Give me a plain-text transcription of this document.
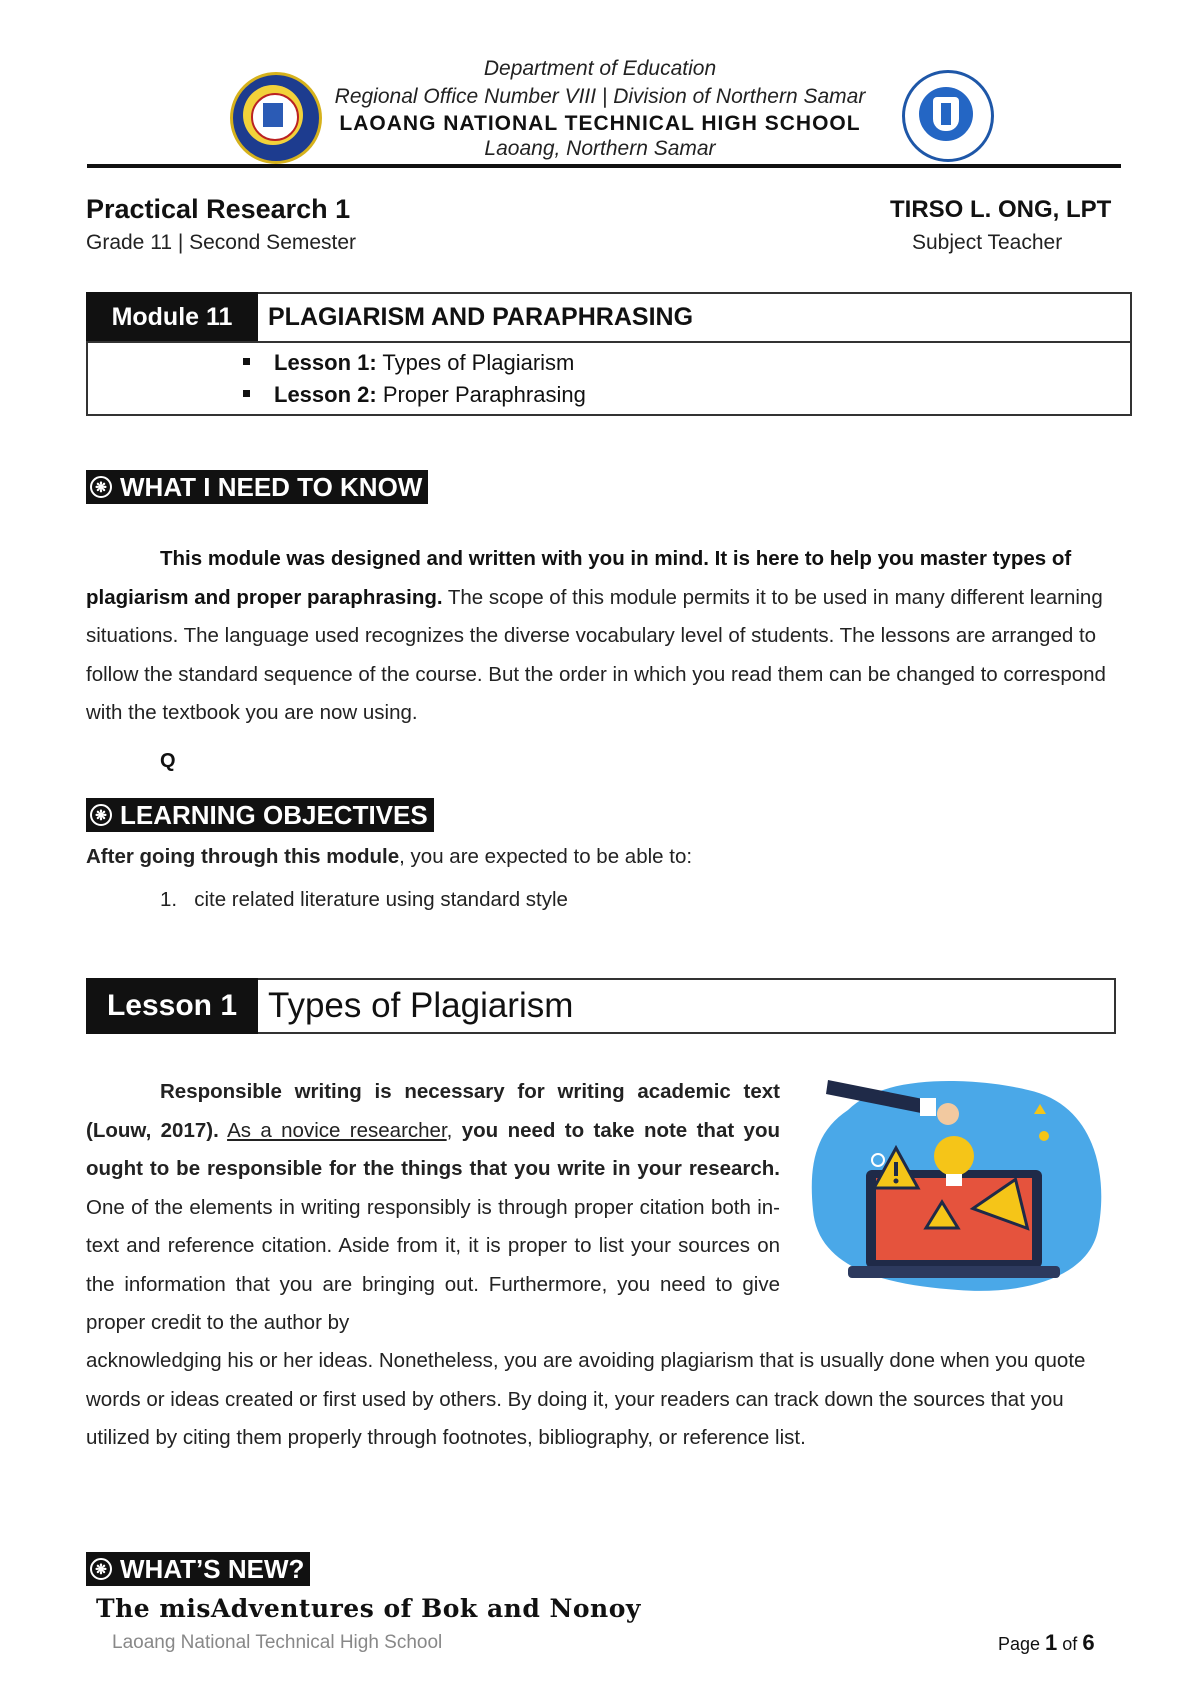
Department of Education
Regional Office Number VIII | Division of Northern Samar
LAOANG NATIONAL TECHNICAL HIGH SCHOOL
Laoang, Northern Samar
Practical Research 1
Grade 11 | Second Semester
TIRSO L. ONG, LPT
Subject Teacher
Module 11	PLAGIARISM AND PARAPHRASING
Lesson 1: Types of Plagiarism
Lesson 2: Proper Paraphrasing
❋ WHAT I NEED TO KNOW
This module was designed and written with you in mind. It is here to help you master types of plagiarism and proper paraphrasing. The scope of this module permits it to be used in many different learning situations. The language used recognizes the diverse vocabulary level of students. The lessons are arranged to follow the standard sequence of the course. But the order in which you read them can be changed to correspond with the textbook you are now using.
Q
❋ LEARNING OBJECTIVES
After going through this module, you are expected to be able to:
1. cite related literature using standard style
Lesson 1 Types of Plagiarism
Responsible writing is necessary for writing academic text (Louw, 2017). As a novice researcher, you need to take note that you ought to be responsible for the things that you write in your research. One of the elements in writing responsibly is through proper citation both in-text and reference citation. Aside from it, it is proper to list your sources on the information that you are bringing out. Furthermore, you need to give proper credit to the author by
acknowledging his or her ideas. Nonetheless, you are avoiding plagiarism that is usually done when you quote words or ideas created or first used by others. By doing it, your readers can track down the sources that you utilized by citing them properly through footnotes, bibliography, or reference list.
❋ WHAT’S NEW?
The misAdventures of Bok and Nonoy
Laoang National Technical High School	Page 1 of 6
